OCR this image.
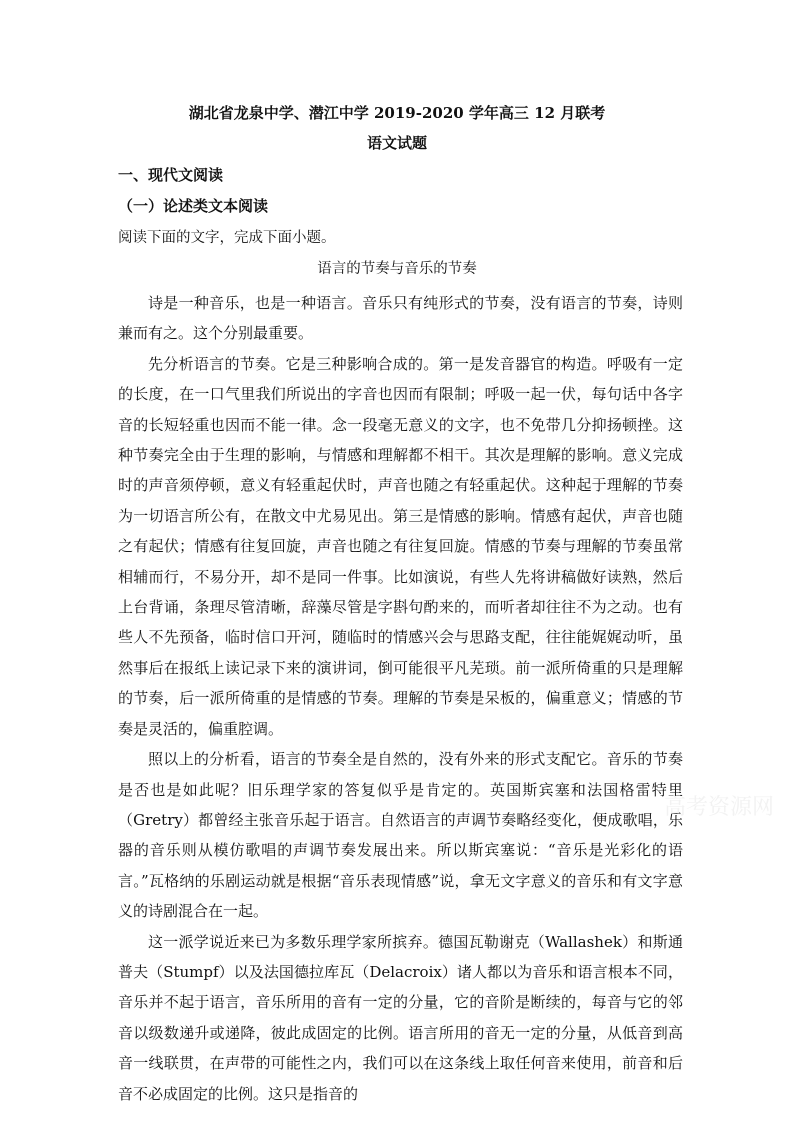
湖北省龙泉中学、潜江中学 2019-2020 学年高三 12 月联考
语文试题
一、现代文阅读
（一）论述类文本阅读
阅读下面的文字，完成下面小题。
语言的节奏与音乐的节奏

诗是一种音乐，也是一种语言。音乐只有纯形式的节奏，没有语言的节奏，诗则兼而有之。这个分别最重要。

先分析语言的节奏。它是三种影响合成的。第一是发音器官的构造。呼吸有一定的长度，在一口气里我们所说出的字音也因而有限制；呼吸一起一伏，每句话中各字音的长短轻重也因而不能一律。念一段毫无意义的文字，也不免带几分抑扬顿挫。这种节奏完全由于生理的影响，与情感和理解都不相干。其次是理解的影响。意义完成时的声音须停顿，意义有轻重起伏时，声音也随之有轻重起伏。这种起于理解的节奏为一切语言所公有，在散文中尤易见出。第三是情感的影响。情感有起伏，声音也随之有起伏；情感有往复回旋，声音也随之有往复回旋。情感的节奏与理解的节奏虽常相辅而行，不易分开，却不是同一件事。比如演说，有些人先将讲稿做好读熟，然后上台背诵，条理尽管清晰，辞藻尽管是字斟句酌来的，而听者却往往不为之动。也有些人不先预备，临时信口开河，随临时的情感兴会与思路支配，往往能娓娓动听，虽然事后在报纸上读记录下来的演讲词，倒可能很平凡芜琐。前一派所倚重的只是理解的节奏，后一派所倚重的是情感的节奏。理解的节奏是呆板的，偏重意义；情感的节奏是灵活的，偏重腔调。

照以上的分析看，语言的节奏全是自然的，没有外来的形式支配它。音乐的节奏是否也是如此呢？旧乐理学家的答复似乎是肯定的。英国斯宾塞和法国格雷特里（Gretry）都曾经主张音乐起于语言。自然语言的声调节奏略经变化，便成歌唱，乐器的音乐则从模仿歌唱的声调节奏发展出来。所以斯宾塞说：“音乐是光彩化的语言。”瓦格纳的乐剧运动就是根据“音乐表现情感”说，拿无文字意义的音乐和有文字意义的诗剧混合在一起。

这一派学说近来已为多数乐理学家所摈弃。德国瓦勒谢克（Wallashek）和斯通普夫（Stumpf）以及法国德拉库瓦（Delacroix）诸人都以为音乐和语言根本不同，音乐并不起于语言，音乐所用的音有一定的分量，它的音阶是断续的，每音与它的邻音以级数递升或递降，彼此成固定的比例。语言所用的音无一定的分量，从低音到高音一线联贯，在声带的可能性之内，我们可以在这条线上取任何音来使用，前音和后音不必成固定的比例。这只是指音的

高考资源网
